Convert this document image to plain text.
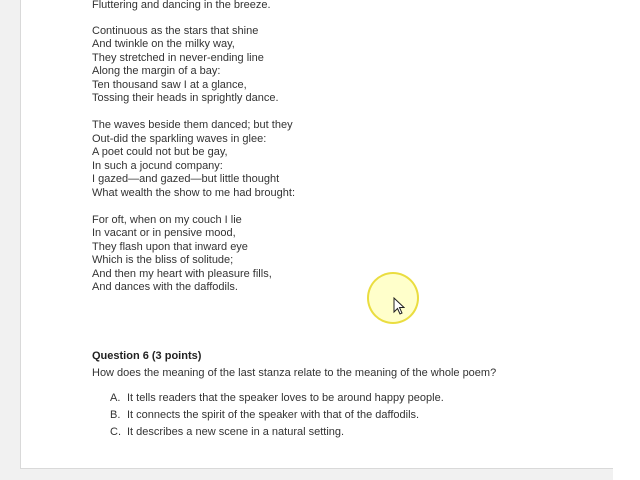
Fluttering and dancing in the breeze.
Continuous as the stars that shine
And twinkle on the milky way,
They stretched in never-ending line
Along the margin of a bay:
Ten thousand saw I at a glance,
Tossing their heads in sprightly dance.
The waves beside them danced; but they
Out-did the sparkling waves in glee:
A poet could not but be gay,
In such a jocund company:
I gazed—and gazed—but little thought
What wealth the show to me had brought:
For oft, when on my couch I lie
In vacant or in pensive mood,
They flash upon that inward eye
Which is the bliss of solitude;
And then my heart with pleasure fills,
And dances with the daffodils.
Question 6 (3 points)
How does the meaning of the last stanza relate to the meaning of the whole poem?
A. It tells readers that the speaker loves to be around happy people.
B. It connects the spirit of the speaker with that of the daffodils.
C. It describes a new scene in a natural setting.
